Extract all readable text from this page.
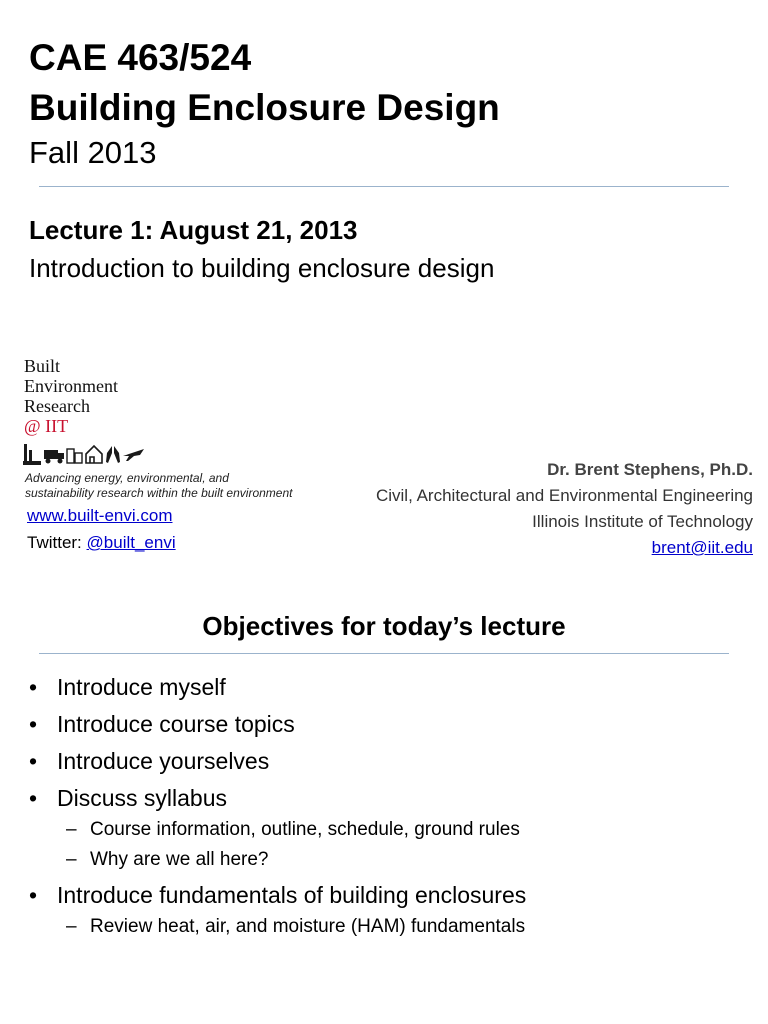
CAE 463/524
Building Enclosure Design
Fall 2013
Lecture 1: August 21, 2013
Introduction to building enclosure design
Built
Environment
Research
@ IIT
Advancing energy, environmental, and
sustainability research within the built environment
www.built-envi.com
Twitter: @built_envi
Dr. Brent Stephens, Ph.D.
Civil, Architectural and Environmental Engineering
Illinois Institute of Technology
brent@iit.edu
Objectives for today’s lecture
• Introduce myself
• Introduce course topics
• Introduce yourselves
• Discuss syllabus
– Course information, outline, schedule, ground rules
– Why are we all here?
• Introduce fundamentals of building enclosures
– Review heat, air, and moisture (HAM) fundamentals
